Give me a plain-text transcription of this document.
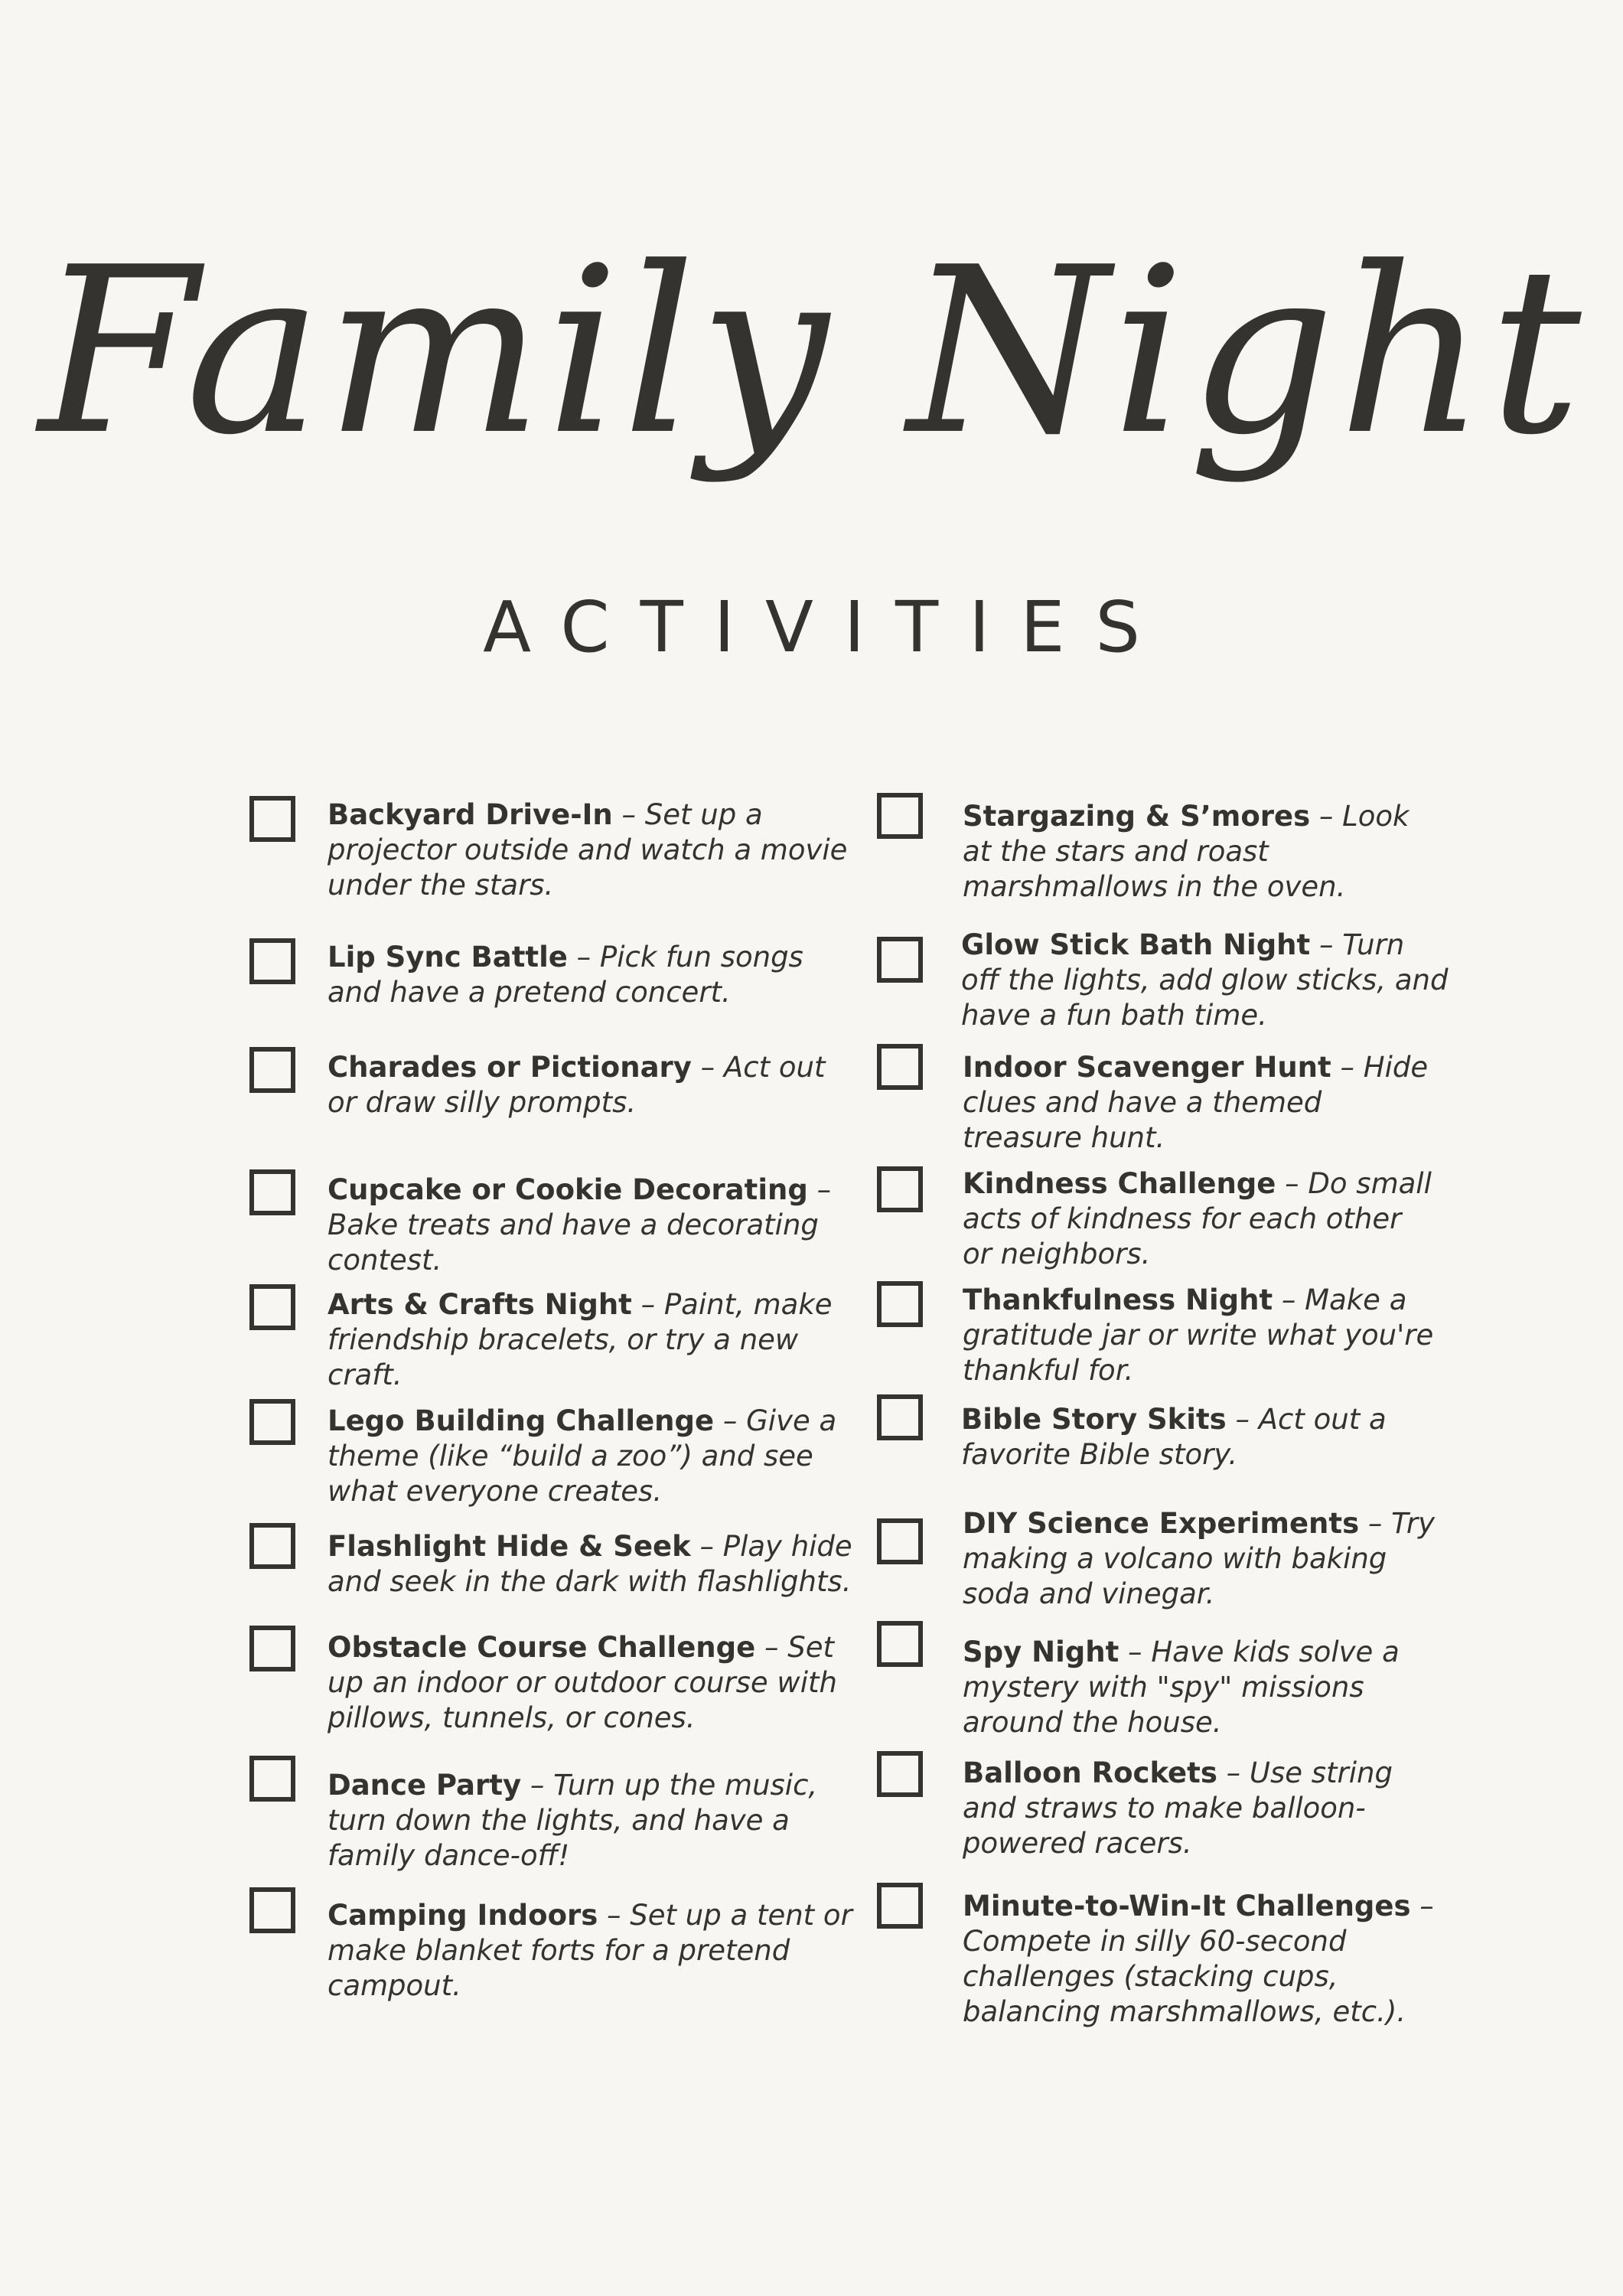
Family Night
ACTIVITIES
Backyard Drive-In – Set up a projector outside and watch a movie under the stars.
Lip Sync Battle – Pick fun songs and have a pretend concert.
Charades or Pictionary – Act out or draw silly prompts.
Cupcake or Cookie Decorating – Bake treats and have a decorating contest.
Arts & Crafts Night – Paint, make friendship bracelets, or try a new craft.
Lego Building Challenge – Give a theme (like “build a zoo”) and see what everyone creates.
Flashlight Hide & Seek – Play hide and seek in the dark with flashlights.
Obstacle Course Challenge – Set up an indoor or outdoor course with pillows, tunnels, or cones.
Dance Party – Turn up the music, turn down the lights, and have a family dance-off!
Camping Indoors – Set up a tent or make blanket forts for a pretend campout.
Stargazing & S’mores – Look at the stars and roast marshmallows in the oven.
Glow Stick Bath Night – Turn off the lights, add glow sticks, and have a fun bath time.
Indoor Scavenger Hunt – Hide clues and have a themed treasure hunt.
Kindness Challenge – Do small acts of kindness for each other or neighbors.
Thankfulness Night – Make a gratitude jar or write what you're thankful for.
Bible Story Skits – Act out a favorite Bible story.
DIY Science Experiments – Try making a volcano with baking soda and vinegar.
Spy Night – Have kids solve a mystery with "spy" missions around the house.
Balloon Rockets – Use string and straws to make balloon-powered racers.
Minute-to-Win-It Challenges – Compete in silly 60-second challenges (stacking cups, balancing marshmallows, etc.).
